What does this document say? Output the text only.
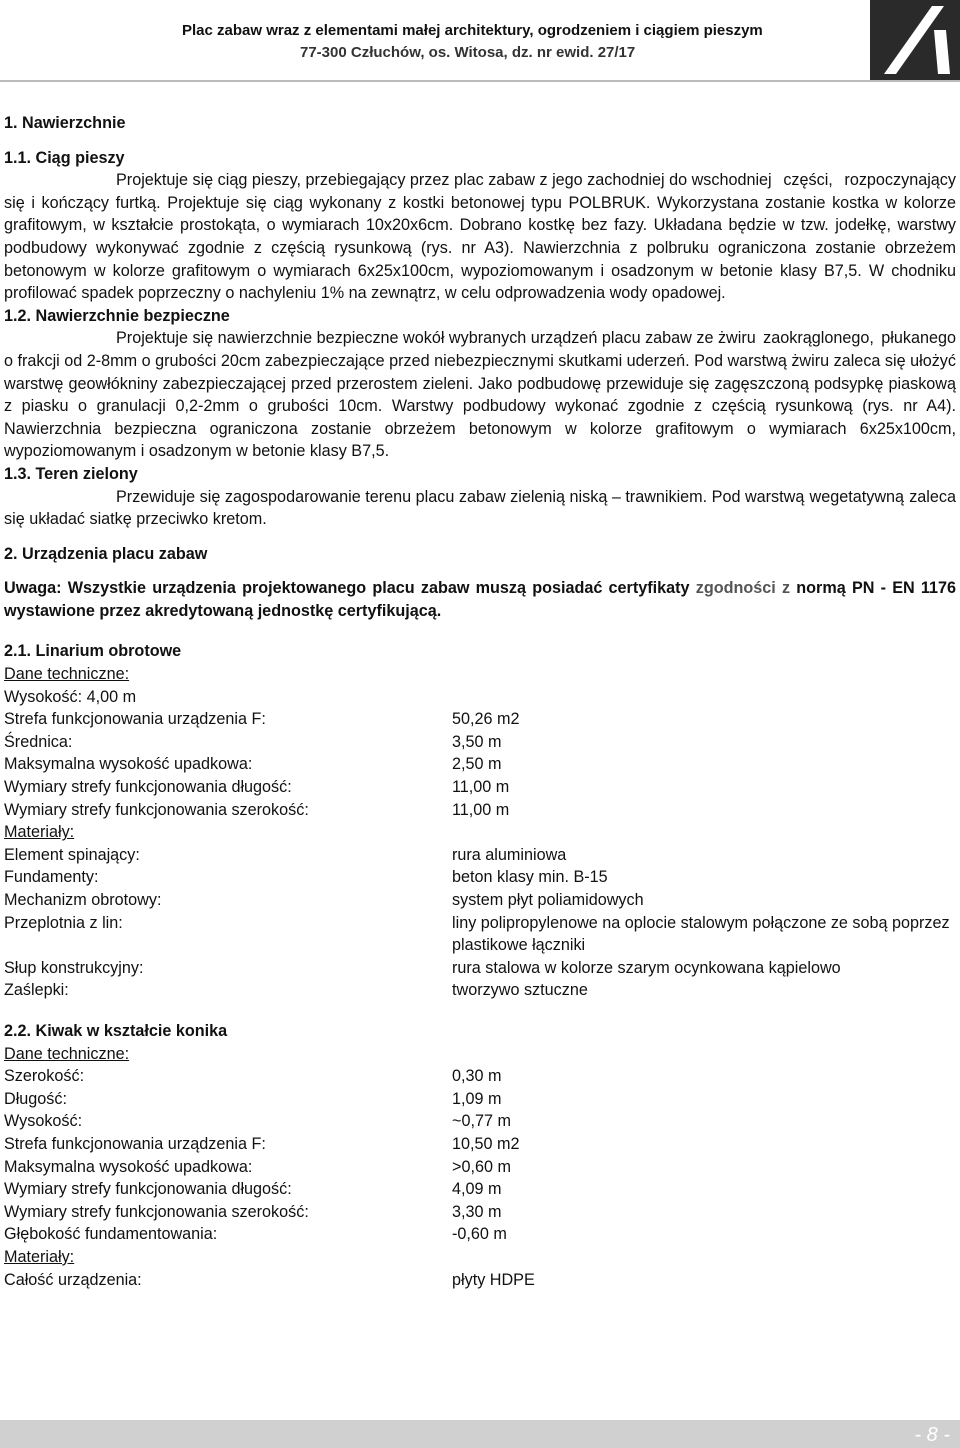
Plac zabaw wraz z elementami małej architektury, ogrodzeniem i ciągiem pieszym
77-300 Człuchów, os. Witosa, dz. nr ewid. 27/17

1. Nawierzchnie

1.1. Ciąg pieszy

Projektuje się ciąg pieszy, przebiegający przez plac zabaw z jego zachodniej do wschodniej części, rozpoczynający się i kończący furtką. Projektuje się ciąg wykonany z kostki betonowej typu POLBRUK. Wykorzystana zostanie kostka w kolorze grafitowym, w kształcie prostokąta, o wymiarach 10x20x6cm. Dobrano kostkę bez fazy. Układana będzie w tzw. jodełkę, warstwy podbudowy wykonywać zgodnie z częścią rysunkową (rys. nr A3). Nawierzchnia z polbruku ograniczona zostanie obrzeżem betonowym w kolorze grafitowym o wymiarach 6x25x100cm, wypoziomowanym i osadzonym w betonie klasy B7,5. W chodniku profilować spadek poprzeczny o nachyleniu 1% na zewnątrz, w celu odprowadzenia wody opadowej.

1.2. Nawierzchnie bezpieczne

Projektuje się nawierzchnie bezpieczne wokół wybranych urządzeń placu zabaw ze żwiru zaokrąglonego, płukanego o frakcji od 2-8mm o grubości 20cm zabezpieczające przed niebezpiecznymi skutkami uderzeń. Pod warstwą żwiru zaleca się ułożyć warstwę geowłókniny zabezpieczającej przed przerostem zieleni. Jako podbudowę przewiduje się zagęszczoną podsypkę piaskową z piasku o granulacji 0,2-2mm o grubości 10cm. Warstwy podbudowy wykonać zgodnie z częścią rysunkową (rys. nr A4). Nawierzchnia bezpieczna ograniczona zostanie obrzeżem betonowym w kolorze grafitowym o wymiarach 6x25x100cm, wypoziomowanym i osadzonym w betonie klasy B7,5.

1.3. Teren zielony

Przewiduje się zagospodarowanie terenu placu zabaw zielenią niską – trawnikiem. Pod warstwą wegetatywną zaleca się układać siatkę przeciwko kretom.

2. Urządzenia placu zabaw

Uwaga: Wszystkie urządzenia projektowanego placu zabaw muszą posiadać certyfikaty zgodności z normą PN - EN 1176 wystawione przez akredytowaną jednostkę certyfikującą.

2.1. Linarium obrotowe

Dane techniczne:

Wysokość: 4,00 m

Strefa funkcjonowania urządzenia F:	50,26 m2
Średnica:	3,50 m
Maksymalna wysokość upadkowa:	2,50 m
Wymiary strefy funkcjonowania długość:	11,00 m
Wymiary strefy funkcjonowania szerokość:	11,00 m

Materiały:

Element spinający:	rura aluminiowa
Fundamenty:	beton klasy min. B-15
Mechanizm obrotowy:	system płyt poliamidowych
Przeplotnia z lin:	liny polipropylenowe na oplocie stalowym połączone ze sobą poprzez plastikowe łączniki
Słup konstrukcyjny:	rura stalowa w kolorze szarym ocynkowana kąpielowo
Zaślepki:	tworzywo sztuczne

2.2. Kiwak w kształcie konika

Dane techniczne:

Szerokość:	0,30 m
Długość:	1,09 m
Wysokość:	~0,77 m
Strefa funkcjonowania urządzenia F:	10,50 m2
Maksymalna wysokość upadkowa:	>0,60 m
Wymiary strefy funkcjonowania długość:	4,09 m
Wymiary strefy funkcjonowania szerokość:	3,30 m
Głębokość fundamentowania:	-0,60 m

Materiały:

Całość urządzenia:	płyty HDPE
- 8 -
